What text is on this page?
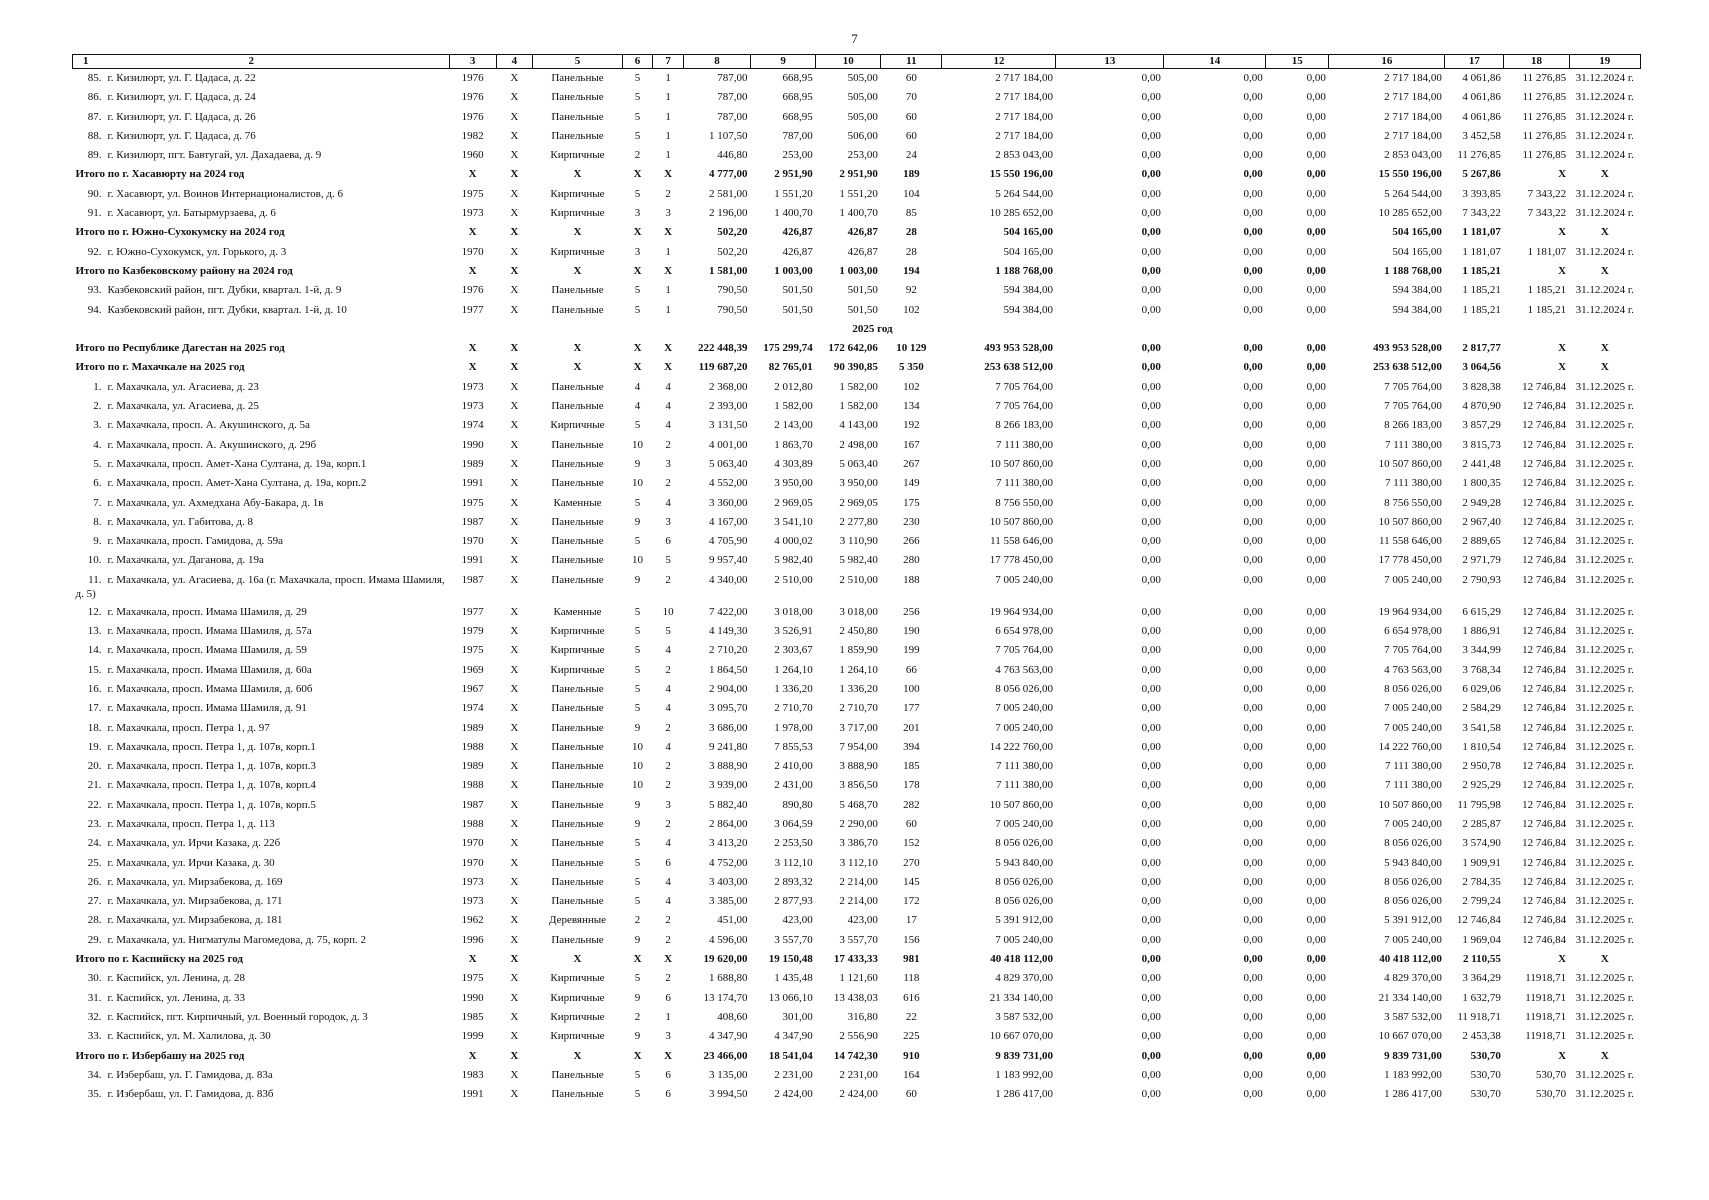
7
1 2	3	4	5	6	7	8	9	10	11	12	13	14	15	16	17	18	19
85. г. Кизилюрт, ул. Г. Цадаса, д. 22	1976	Х	Панельные	5	1	787,00	668,95	505,00	60	2 717 184,00	0,00	0,00	0,00	2 717 184,00	4 061,86	11 276,85	31.12.2024 г.
86. г. Кизилюрт, ул. Г. Цадаса, д. 24	1976	Х	Панельные	5	1	787,00	668,95	505,00	70	2 717 184,00	0,00	0,00	0,00	2 717 184,00	4 061,86	11 276,85	31.12.2024 г.
87. г. Кизилюрт, ул. Г. Цадаса, д. 26	1976	Х	Панельные	5	1	787,00	668,95	505,00	60	2 717 184,00	0,00	0,00	0,00	2 717 184,00	4 061,86	11 276,85	31.12.2024 г.
88. г. Кизилюрт, ул. Г. Цадаса, д. 76	1982	Х	Панельные	5	1	1 107,50	787,00	506,00	60	2 717 184,00	0,00	0,00	0,00	2 717 184,00	3 452,58	11 276,85	31.12.2024 г.
89. г. Кизилюрт, пгт. Бавтугай, ул. Дахадаева, д. 9	1960	Х	Кирпичные	2	1	446,80	253,00	253,00	24	2 853 043,00	0,00	0,00	0,00	2 853 043,00	11 276,85	11 276,85	31.12.2024 г.
Итого по г. Хасавюрту на 2024 год	Х	Х	Х	Х	Х	4 777,00	2 951,90	2 951,90	189	15 550 196,00	0,00	0,00	0,00	15 550 196,00	5 267,86	Х	Х
90. г. Хасавюрт, ул. Воинов Интернационалистов, д. 6	1975	Х	Кирпичные	5	2	2 581,00	1 551,20	1 551,20	104	5 264 544,00	0,00	0,00	0,00	5 264 544,00	3 393,85	7 343,22	31.12.2024 г.
91. г. Хасавюрт, ул. Батырмурзаева, д. 6	1973	Х	Кирпичные	3	3	2 196,00	1 400,70	1 400,70	85	10 285 652,00	0,00	0,00	0,00	10 285 652,00	7 343,22	7 343,22	31.12.2024 г.
Итого по г. Южно-Сухокумску на 2024 год	Х	Х	Х	Х	Х	502,20	426,87	426,87	28	504 165,00	0,00	0,00	0,00	504 165,00	1 181,07	Х	Х
92. г. Южно-Сухокумск, ул. Горького, д. 3	1970	Х	Кирпичные	3	1	502,20	426,87	426,87	28	504 165,00	0,00	0,00	0,00	504 165,00	1 181,07	1 181,07	31.12.2024 г.
Итого по Казбековскому району на 2024 год	Х	Х	Х	Х	Х	1 581,00	1 003,00	1 003,00	194	1 188 768,00	0,00	0,00	0,00	1 188 768,00	1 185,21	Х	Х
93. Казбековский район, пгт. Дубки, квартал. 1-й, д. 9	1976	Х	Панельные	5	1	790,50	501,50	501,50	92	594 384,00	0,00	0,00	0,00	594 384,00	1 185,21	1 185,21	31.12.2024 г.
94. Казбековский район, пгт. Дубки, квартал. 1-й, д. 10	1977	Х	Панельные	5	1	790,50	501,50	501,50	102	594 384,00	0,00	0,00	0,00	594 384,00	1 185,21	1 185,21	31.12.2024 г.
2025 год																	
Итого по Республике Дагестан на 2025 год	Х	Х	Х	Х	Х	222 448,39	175 299,74	172 642,06	10 129	493 953 528,00	0,00	0,00	0,00	493 953 528,00	2 817,77	Х	Х
Итого по г. Махачкале на 2025 год	Х	Х	Х	Х	Х	119 687,20	82 765,01	90 390,85	5 350	253 638 512,00	0,00	0,00	0,00	253 638 512,00	3 064,56	Х	Х
1. г. Махачкала, ул. Агасиева, д. 23	1973	Х	Панельные	4	4	2 368,00	2 012,80	1 582,00	102	7 705 764,00	0,00	0,00	0,00	7 705 764,00	3 828,38	12 746,84	31.12.2025 г.
2. г. Махачкала, ул. Агасиева, д. 25	1973	Х	Панельные	4	4	2 393,00	1 582,00	1 582,00	134	7 705 764,00	0,00	0,00	0,00	7 705 764,00	4 870,90	12 746,84	31.12.2025 г.
3. г. Махачкала, просп. А. Акушинского, д. 5а	1974	Х	Кирпичные	5	4	3 131,50	2 143,00	4 143,00	192	8 266 183,00	0,00	0,00	0,00	8 266 183,00	3 857,29	12 746,84	31.12.2025 г.
4. г. Махачкала, просп. А. Акушинского, д. 29б	1990	Х	Панельные	10	2	4 001,00	1 863,70	2 498,00	167	7 111 380,00	0,00	0,00	0,00	7 111 380,00	3 815,73	12 746,84	31.12.2025 г.
5. г. Махачкала, просп. Амет-Хана Султана, д. 19а, корп.1	1989	Х	Панельные	9	3	5 063,40	4 303,89	5 063,40	267	10 507 860,00	0,00	0,00	0,00	10 507 860,00	2 441,48	12 746,84	31.12.2025 г.
6. г. Махачкала, просп. Амет-Хана Султана, д. 19а, корп.2	1991	Х	Панельные	10	2	4 552,00	3 950,00	3 950,00	149	7 111 380,00	0,00	0,00	0,00	7 111 380,00	1 800,35	12 746,84	31.12.2025 г.
7. г. Махачкала, ул. Ахмедхана Абу-Бакара, д. 1в	1975	Х	Каменные	5	4	3 360,00	2 969,05	2 969,05	175	8 756 550,00	0,00	0,00	0,00	8 756 550,00	2 949,28	12 746,84	31.12.2025 г.
8. г. Махачкала, ул. Габитова, д. 8	1987	Х	Панельные	9	3	4 167,00	3 541,10	2 277,80	230	10 507 860,00	0,00	0,00	0,00	10 507 860,00	2 967,40	12 746,84	31.12.2025 г.
9. г. Махачкала, просп. Гамидова, д. 59а	1970	Х	Панельные	5	6	4 705,90	4 000,02	3 110,90	266	11 558 646,00	0,00	0,00	0,00	11 558 646,00	2 889,65	12 746,84	31.12.2025 г.
10. г. Махачкала, ул. Даганова, д. 19а	1991	Х	Панельные	10	5	9 957,40	5 982,40	5 982,40	280	17 778 450,00	0,00	0,00	0,00	17 778 450,00	2 971,79	12 746,84	31.12.2025 г.
11. г. Махачкала, ул. Агасиева, д. 16а (г. Махачкала, просп. Имама Шамиля, д. 5)	1987	Х	Панельные	9	2	4 340,00	2 510,00	2 510,00	188	7 005 240,00	0,00	0,00	0,00	7 005 240,00	2 790,93	12 746,84	31.12.2025 г.
12. г. Махачкала, просп. Имама Шамиля, д. 29	1977	Х	Каменные	5	10	7 422,00	3 018,00	3 018,00	256	19 964 934,00	0,00	0,00	0,00	19 964 934,00	6 615,29	12 746,84	31.12.2025 г.
13. г. Махачкала, просп. Имама Шамиля, д. 57а	1979	Х	Кирпичные	5	5	4 149,30	3 526,91	2 450,80	190	6 654 978,00	0,00	0,00	0,00	6 654 978,00	1 886,91	12 746,84	31.12.2025 г.
14. г. Махачкала, просп. Имама Шамиля, д. 59	1975	Х	Кирпичные	5	4	2 710,20	2 303,67	1 859,90	199	7 705 764,00	0,00	0,00	0,00	7 705 764,00	3 344,99	12 746,84	31.12.2025 г.
15. г. Махачкала, просп. Имама Шамиля, д. 60а	1969	Х	Кирпичные	5	2	1 864,50	1 264,10	1 264,10	66	4 763 563,00	0,00	0,00	0,00	4 763 563,00	3 768,34	12 746,84	31.12.2025 г.
16. г. Махачкала, просп. Имама Шамиля, д. 60б	1967	Х	Панельные	5	4	2 904,00	1 336,20	1 336,20	100	8 056 026,00	0,00	0,00	0,00	8 056 026,00	6 029,06	12 746,84	31.12.2025 г.
17. г. Махачкала, просп. Имама Шамиля, д. 91	1974	Х	Панельные	5	4	3 095,70	2 710,70	2 710,70	177	7 005 240,00	0,00	0,00	0,00	7 005 240,00	2 584,29	12 746,84	31.12.2025 г.
18. г. Махачкала, просп. Петра 1, д. 97	1989	Х	Панельные	9	2	3 686,00	1 978,00	3 717,00	201	7 005 240,00	0,00	0,00	0,00	7 005 240,00	3 541,58	12 746,84	31.12.2025 г.
19. г. Махачкала, просп. Петра 1, д. 107в, корп.1	1988	Х	Панельные	10	4	9 241,80	7 855,53	7 954,00	394	14 222 760,00	0,00	0,00	0,00	14 222 760,00	1 810,54	12 746,84	31.12.2025 г.
20. г. Махачкала, просп. Петра 1, д. 107в, корп.3	1989	Х	Панельные	10	2	3 888,90	2 410,00	3 888,90	185	7 111 380,00	0,00	0,00	0,00	7 111 380,00	2 950,78	12 746,84	31.12.2025 г.
21. г. Махачкала, просп. Петра 1, д. 107в, корп.4	1988	Х	Панельные	10	2	3 939,00	2 431,00	3 856,50	178	7 111 380,00	0,00	0,00	0,00	7 111 380,00	2 925,29	12 746,84	31.12.2025 г.
22. г. Махачкала, просп. Петра 1, д. 107в, корп.5	1987	Х	Панельные	9	3	5 882,40	890,80	5 468,70	282	10 507 860,00	0,00	0,00	0,00	10 507 860,00	11 795,98	12 746,84	31.12.2025 г.
23. г. Махачкала, просп. Петра 1, д. 113	1988	Х	Панельные	9	2	2 864,00	3 064,59	2 290,00	60	7 005 240,00	0,00	0,00	0,00	7 005 240,00	2 285,87	12 746,84	31.12.2025 г.
24. г. Махачкала, ул. Ирчи Казака, д. 22б	1970	Х	Панельные	5	4	3 413,20	2 253,50	3 386,70	152	8 056 026,00	0,00	0,00	0,00	8 056 026,00	3 574,90	12 746,84	31.12.2025 г.
25. г. Махачкала, ул. Ирчи Казака, д. 30	1970	Х	Панельные	5	6	4 752,00	3 112,10	3 112,10	270	5 943 840,00	0,00	0,00	0,00	5 943 840,00	1 909,91	12 746,84	31.12.2025 г.
26. г. Махачкала, ул. Мирзабекова, д. 169	1973	Х	Панельные	5	4	3 403,00	2 893,32	2 214,00	145	8 056 026,00	0,00	0,00	0,00	8 056 026,00	2 784,35	12 746,84	31.12.2025 г.
27. г. Махачкала, ул. Мирзабекова, д. 171	1973	Х	Панельные	5	4	3 385,00	2 877,93	2 214,00	172	8 056 026,00	0,00	0,00	0,00	8 056 026,00	2 799,24	12 746,84	31.12.2025 г.
28. г. Махачкала, ул. Мирзабекова, д. 181	1962	Х	Деревянные	2	2	451,00	423,00	423,00	17	5 391 912,00	0,00	0,00	0,00	5 391 912,00	12 746,84	12 746,84	31.12.2025 г.
29. г. Махачкала, ул. Нигматулы Магомедова, д. 75, корп. 2	1996	Х	Панельные	9	2	4 596,00	3 557,70	3 557,70	156	7 005 240,00	0,00	0,00	0,00	7 005 240,00	1 969,04	12 746,84	31.12.2025 г.
Итого по г. Каспийску на 2025 год	Х	Х	Х	Х	Х	19 620,00	19 150,48	17 433,33	981	40 418 112,00	0,00	0,00	0,00	40 418 112,00	2 110,55	Х	Х
30. г. Каспийск, ул. Ленина, д. 28	1975	Х	Кирпичные	5	2	1 688,80	1 435,48	1 121,60	118	4 829 370,00	0,00	0,00	0,00	4 829 370,00	3 364,29	11918,71	31.12.2025 г.
31. г. Каспийск, ул. Ленина, д. 33	1990	Х	Кирпичные	9	6	13 174,70	13 066,10	13 438,03	616	21 334 140,00	0,00	0,00	0,00	21 334 140,00	1 632,79	11918,71	31.12.2025 г.
32. г. Каспийск, пгт. Кирпичный, ул. Военный городок, д. 3	1985	Х	Кирпичные	2	1	408,60	301,00	316,80	22	3 587 532,00	0,00	0,00	0,00	3 587 532,00	11 918,71	11918,71	31.12.2025 г.
33. г. Каспийск, ул. М. Халилова, д. 30	1999	Х	Кирпичные	9	3	4 347,90	4 347,90	2 556,90	225	10 667 070,00	0,00	0,00	0,00	10 667 070,00	2 453,38	11918,71	31.12.2025 г.
Итого по г. Избербашу на 2025 год	Х	Х	Х	Х	Х	23 466,00	18 541,04	14 742,30	910	9 839 731,00	0,00	0,00	0,00	9 839 731,00	530,70	Х	Х
34. г. Избербаш, ул. Г. Гамидова, д. 83а	1983	Х	Панельные	5	6	3 135,00	2 231,00	2 231,00	164	1 183 992,00	0,00	0,00	0,00	1 183 992,00	530,70	530,70	31.12.2025 г.
35. г. Избербаш, ул. Г. Гамидова, д. 83б	1991	Х	Панельные	5	6	3 994,50	2 424,00	2 424,00	60	1 286 417,00	0,00	0,00	0,00	1 286 417,00	530,70	530,70	31.12.2025 г.
